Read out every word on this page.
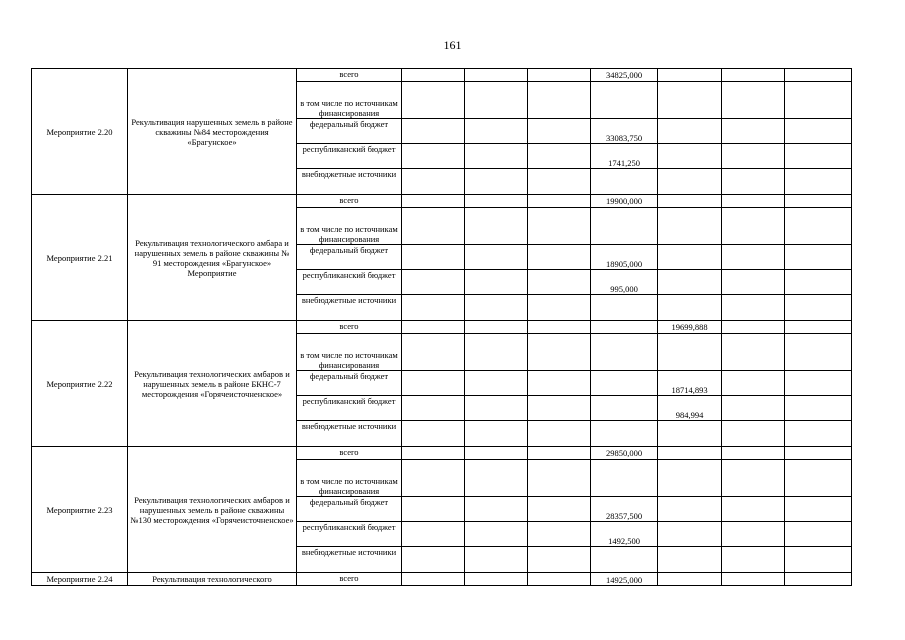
161
Мероприятие 2.20	Рекультивация нарушенных земель в районе скважины №84 месторождения «Брагунское»	всего				34825,000			
		в том числе по источникам финансирования							
		федеральный бюджет				33083,750			
		республиканский бюджет				1741,250			
		внебюджетные источники							
Мероприятие 2.21	Рекультивация технологического амбара и нарушенных земель в районе скважины № 91 месторождения «Брагунское» Мероприятие	всего				19900,000			
		в том числе по источникам финансирования							
		федеральный бюджет				18905,000			
		республиканский бюджет				995,000			
		внебюджетные источники							
Мероприятие 2.22	Рекультивация технологических амбаров и нарушенных земель в районе БКНС-7 месторождения «Горячеисточненское»	всего					19699,888		
		в том числе по источникам финансирования							
		федеральный бюджет					18714,893		
		республиканский бюджет					984,994		
		внебюджетные источники							
Мероприятие 2.23	Рекультивация технологических амбаров и нарушенных земель в районе скважины №130 месторождения «Горячеисточненское»	всего				29850,000			
		в том числе по источникам финансирования							
		федеральный бюджет				28357,500			
		республиканский бюджет				1492,500			
		внебюджетные источники							
Мероприятие 2.24	Рекультивация технологического	всего				14925,000			
